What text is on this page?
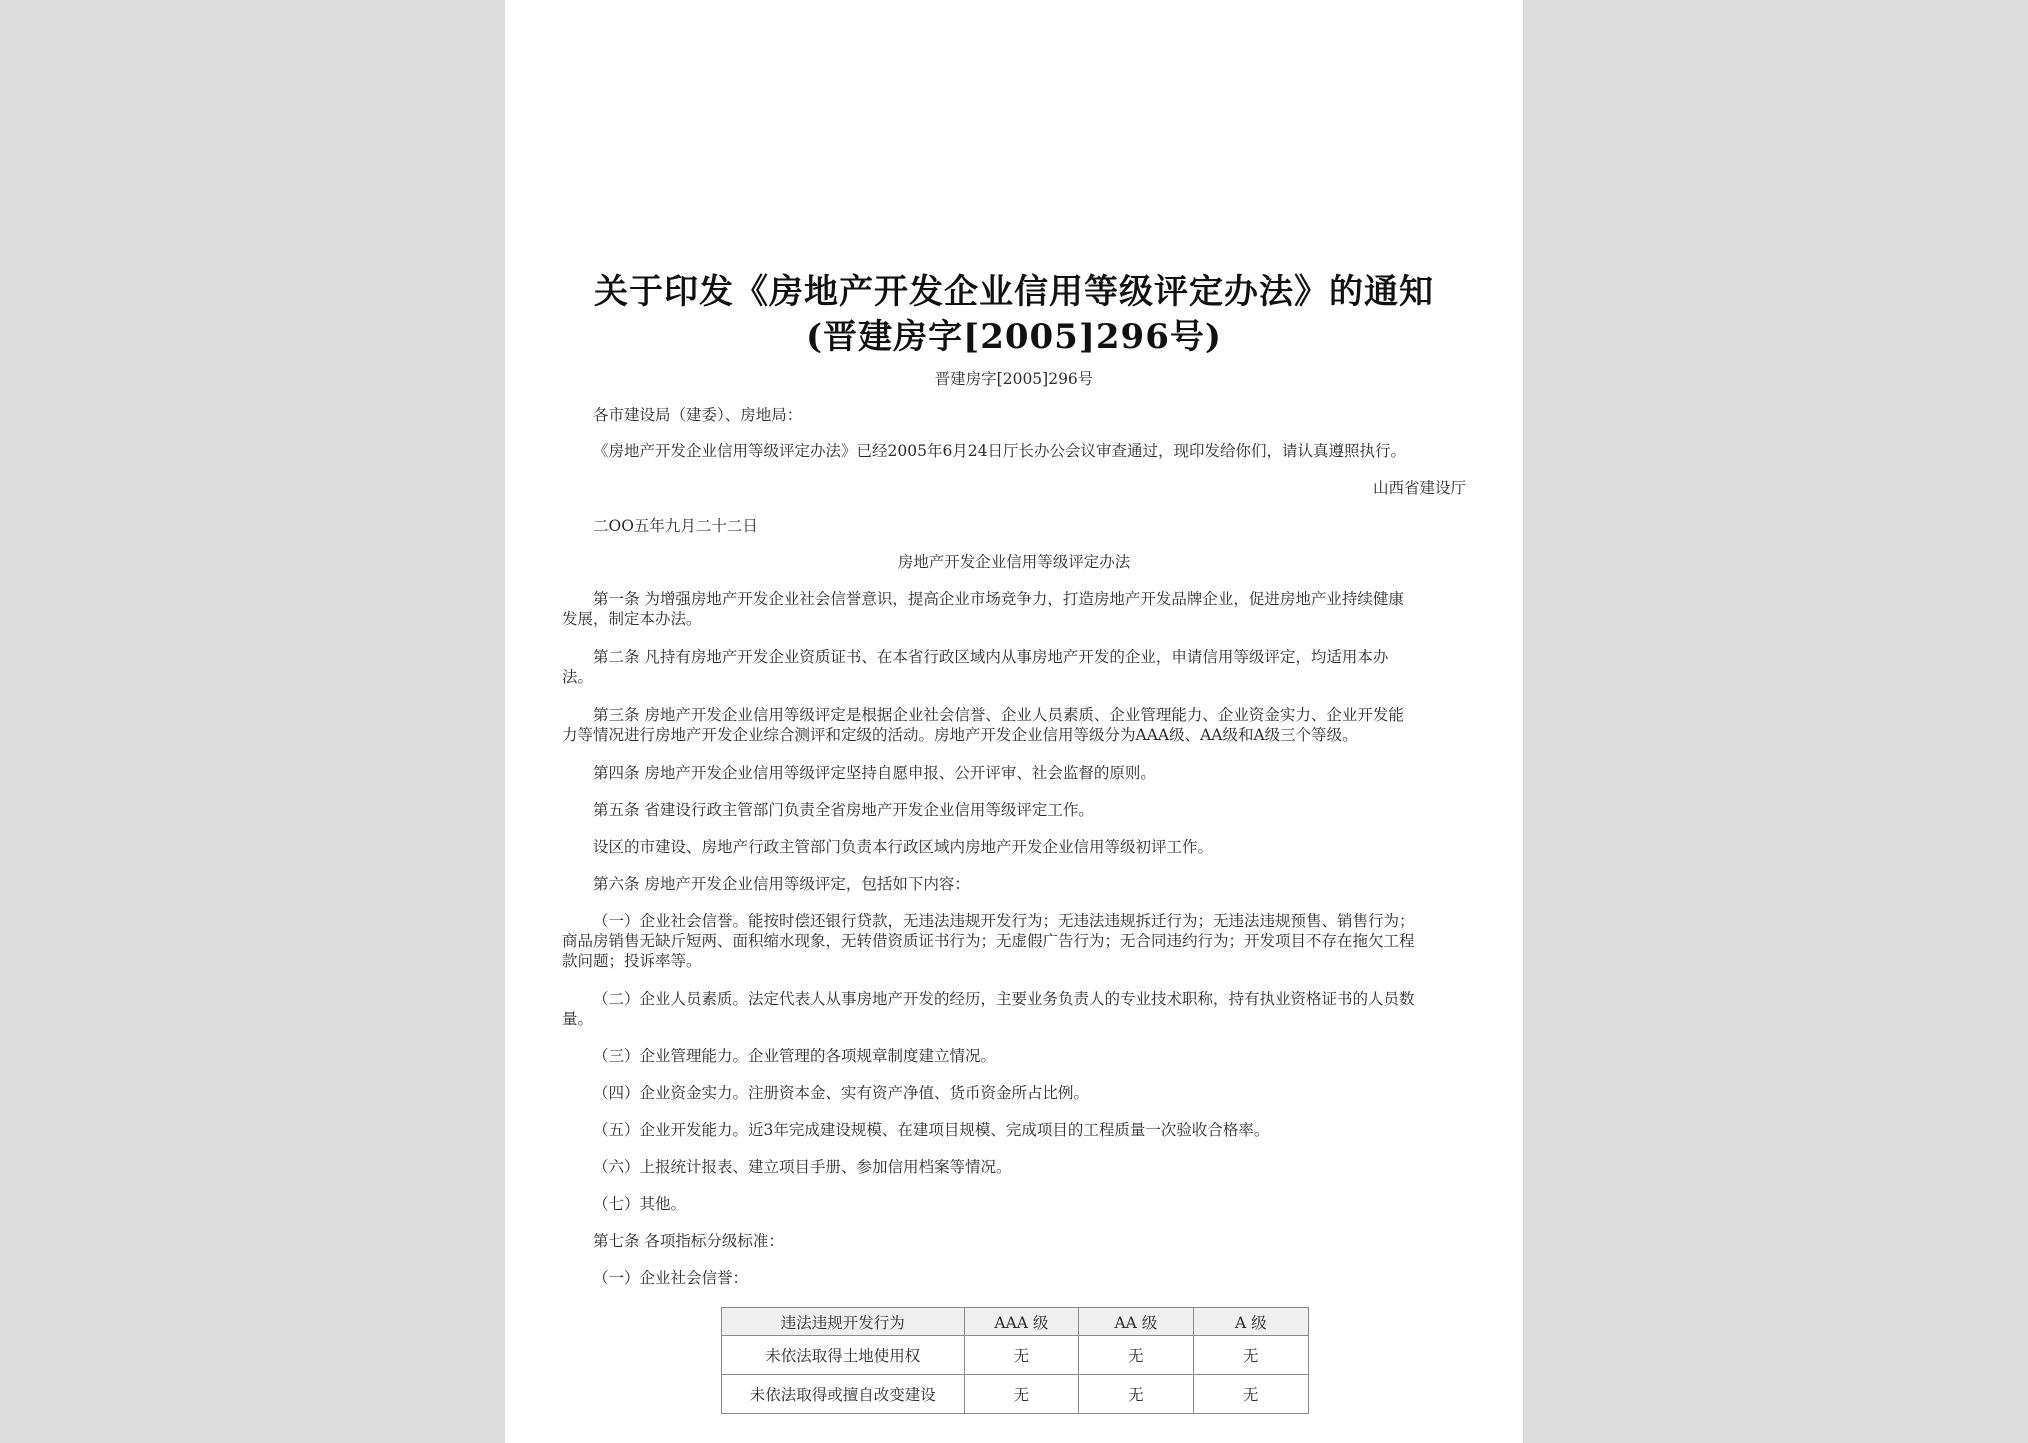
关于印发《房地产开发企业信用等级评定办法》的通知
(晋建房字[2005]296号)
晋建房字[2005]296号
各市建设局（建委）、房地局：
《房地产开发企业信用等级评定办法》已经2005年6月24日厅长办公会议审查通过，现印发给你们，请认真遵照执行。
山西省建设厅
二OO五年九月二十二日
房地产开发企业信用等级评定办法
第一条 为增强房地产开发企业社会信誉意识，提高企业市场竞争力，打造房地产开发品牌企业，促进房地产业持续健康
发展，制定本办法。
第二条 凡持有房地产开发企业资质证书、在本省行政区域内从事房地产开发的企业，申请信用等级评定，均适用本办
法。
第三条 房地产开发企业信用等级评定是根据企业社会信誉、企业人员素质、企业管理能力、企业资金实力、企业开发能
力等情况进行房地产开发企业综合测评和定级的活动。房地产开发企业信用等级分为AAA级、AA级和A级三个等级。
第四条 房地产开发企业信用等级评定坚持自愿申报、公开评审、社会监督的原则。
第五条 省建设行政主管部门负责全省房地产开发企业信用等级评定工作。
设区的市建设、房地产行政主管部门负责本行政区域内房地产开发企业信用等级初评工作。
第六条 房地产开发企业信用等级评定，包括如下内容：
（一）企业社会信誉。能按时偿还银行贷款，无违法违规开发行为；无违法违规拆迁行为；无违法违规预售、销售行为；
商品房销售无缺斤短两、面积缩水现象，无转借资质证书行为；无虚假广告行为；无合同违约行为；开发项目不存在拖欠工程
款问题；投诉率等。
（二）企业人员素质。法定代表人从事房地产开发的经历，主要业务负责人的专业技术职称，持有执业资格证书的人员数
量。
（三）企业管理能力。企业管理的各项规章制度建立情况。
（四）企业资金实力。注册资本金、实有资产净值、货币资金所占比例。
（五）企业开发能力。近3年完成建设规模、在建项目规模、完成项目的工程质量一次验收合格率。
（六）上报统计报表、建立项目手册、参加信用档案等情况。
（七）其他。
第七条 各项指标分级标准：
（一）企业社会信誉：
违法违规开发行为	AAA 级	AA 级	A 级
未依法取得土地使用权	无	无	无
未依法取得或擅自改变建设	无	无	无
